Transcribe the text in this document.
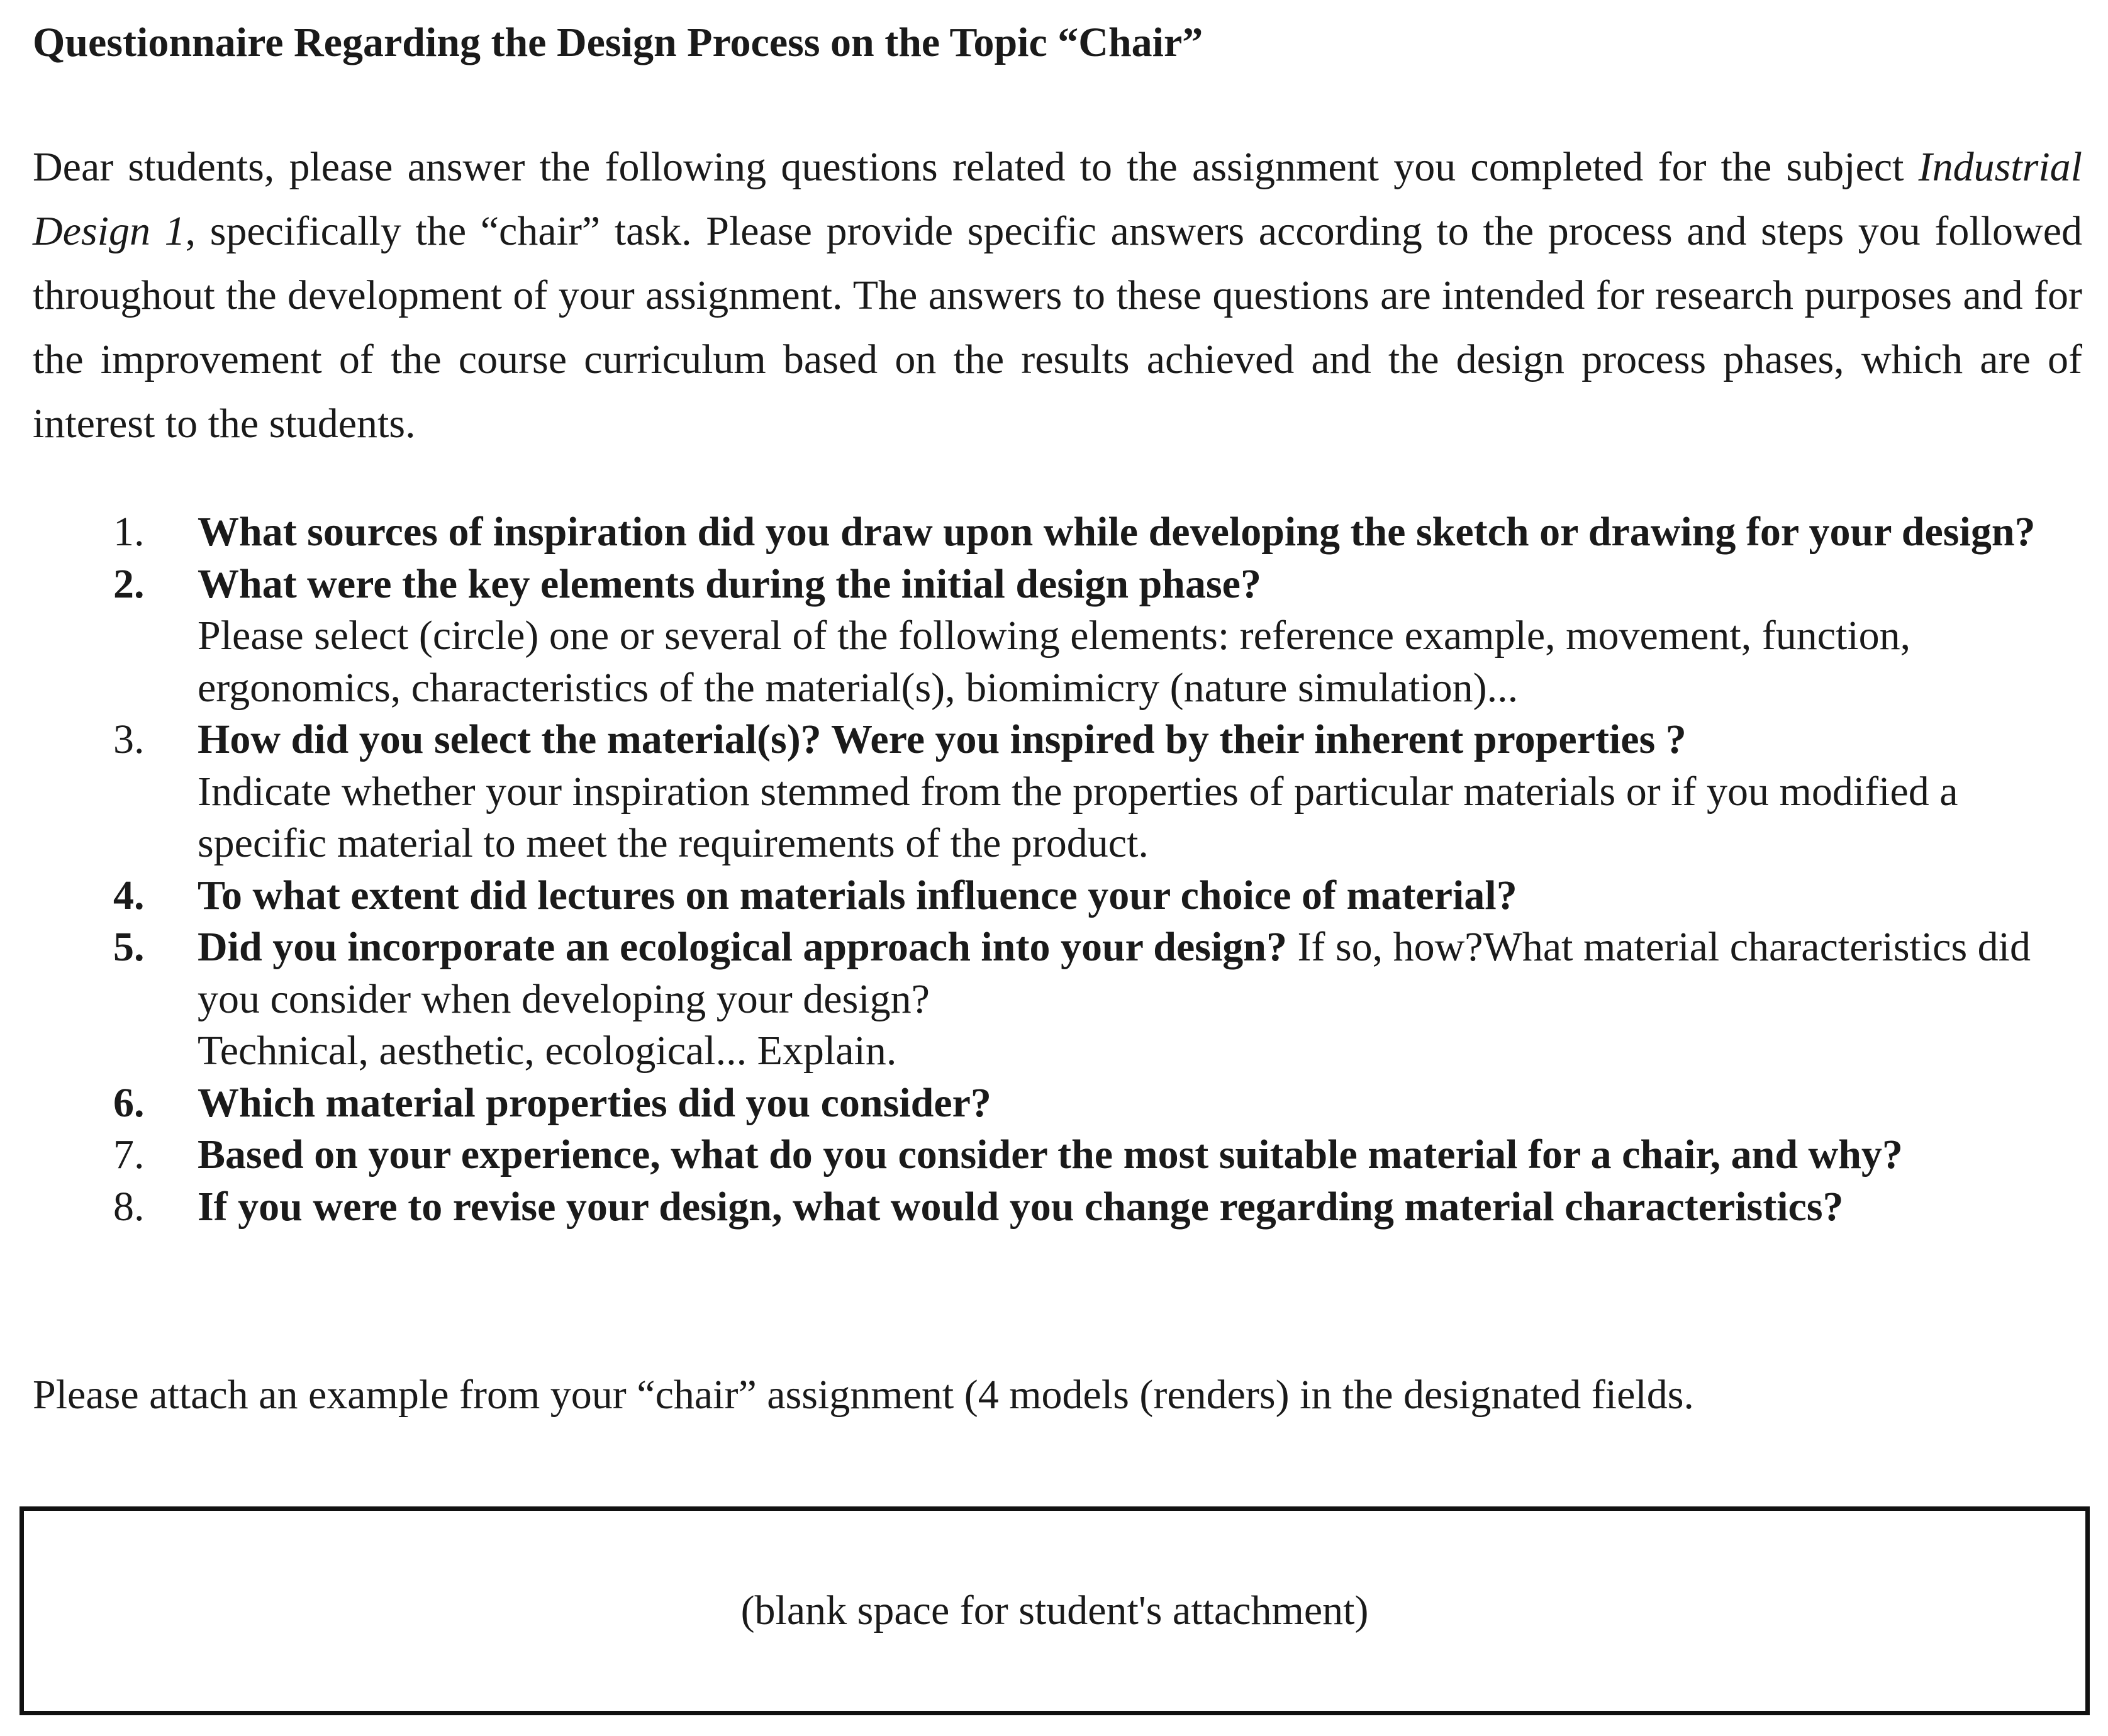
Questionnaire Regarding the Design Process on the Topic “Chair”

Dear students, please answer the following questions related to the assignment you completed for the subject Industrial Design 1, specifically the “chair” task. Please provide specific answers according to the process and steps you followed throughout the development of your assignment. The answers to these questions are intended for research purposes and for the improvement of the course curriculum based on the results achieved and the design process phases, which are of interest to the students.

1. What sources of inspiration did you draw upon while developing the sketch or drawing for your design?
2. What were the key elements during the initial design phase?
Please select (circle) one or several of the following elements: reference example, movement, function, ergonomics, characteristics of the material(s), biomimicry (nature simulation)...
3. How did you select the material(s)? Were you inspired by their inherent properties ?
Indicate whether your inspiration stemmed from the properties of particular materials or if you modified a specific material to meet the requirements of the product.
4. To what extent did lectures on materials influence your choice of material?
5. Did you incorporate an ecological approach into your design? If so, how?What material characteristics did you consider when developing your design?
Technical, aesthetic, ecological... Explain.
6. Which material properties did you consider?
7. Based on your experience, what do you consider the most suitable material for a chair, and why?
8. If you were to revise your design, what would you change regarding material characteristics?

Please attach an example from your “chair” assignment (4 models (renders) in the designated fields.

(blank space for student's attachment)
